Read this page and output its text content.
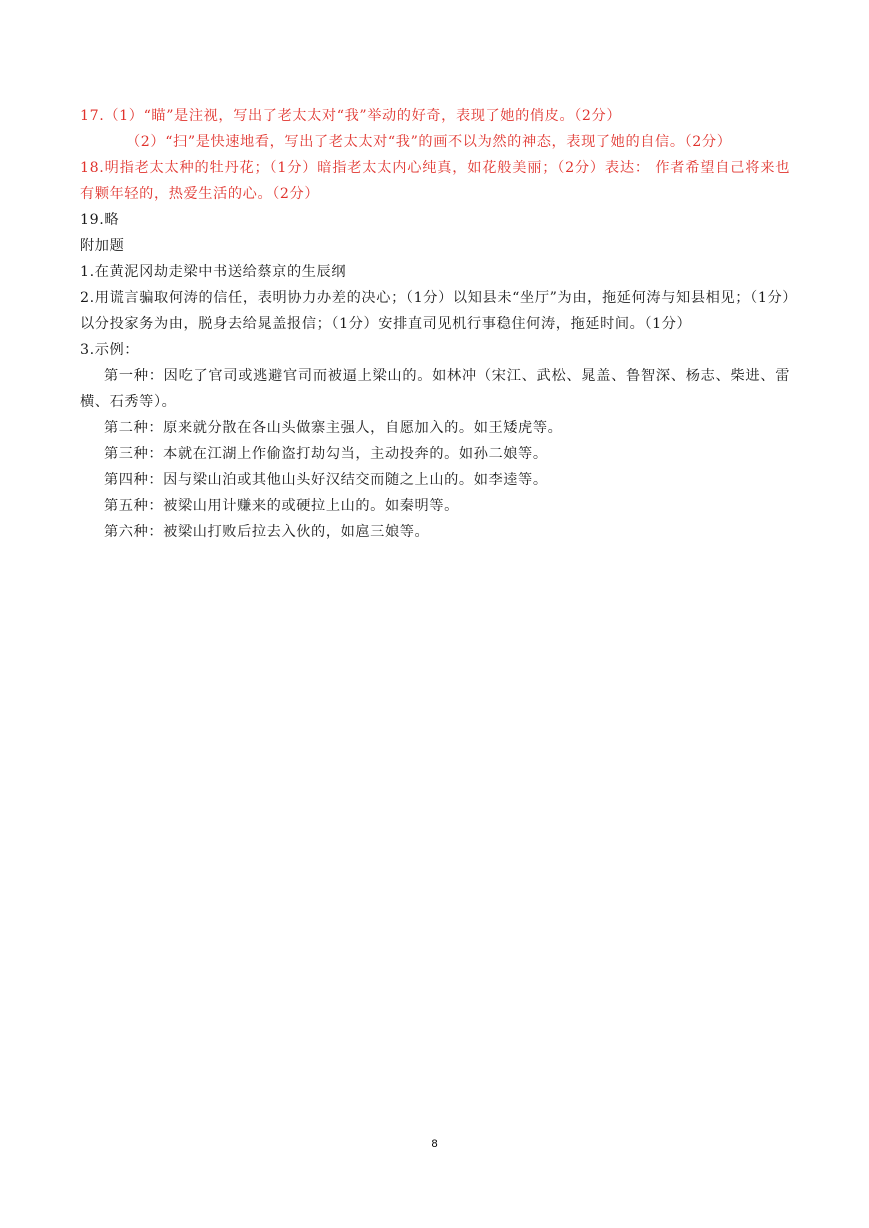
17.（1）“瞄”是注视，写出了老太太对“我”举动的好奇，表现了她的俏皮。（2分）
（2）“扫”是快速地看，写出了老太太对“我”的画不以为然的神态，表现了她的自信。（2分）
18.明指老太太种的牡丹花；（1分）暗指老太太内心纯真，如花般美丽；（2分）表达： 作者希望自己将来也有颗年轻的，热爱生活的心。（2分）
19.略
附加题
1.在黄泥冈劫走梁中书送给蔡京的生辰纲
2.用谎言骗取何涛的信任，表明协力办差的决心；（1分）以知县未“坐厅”为由，拖延何涛与知县相见；（1分）以分投家务为由，脱身去给晁盖报信；（1分）安排直司见机行事稳住何涛，拖延时间。（1分）
3.示例：
第一种：因吃了官司或逃避官司而被逼上梁山的。如林冲（宋江、武松、晁盖、鲁智深、杨志、柴进、雷横、石秀等）。
第二种：原来就分散在各山头做寨主强人，自愿加入的。如王矮虎等。
第三种：本就在江湖上作偷盗打劫勾当，主动投奔的。如孙二娘等。
第四种：因与梁山泊或其他山头好汉结交而随之上山的。如李逵等。
第五种：被梁山用计赚来的或硬拉上山的。如秦明等。
第六种：被梁山打败后拉去入伙的，如扈三娘等。
8
